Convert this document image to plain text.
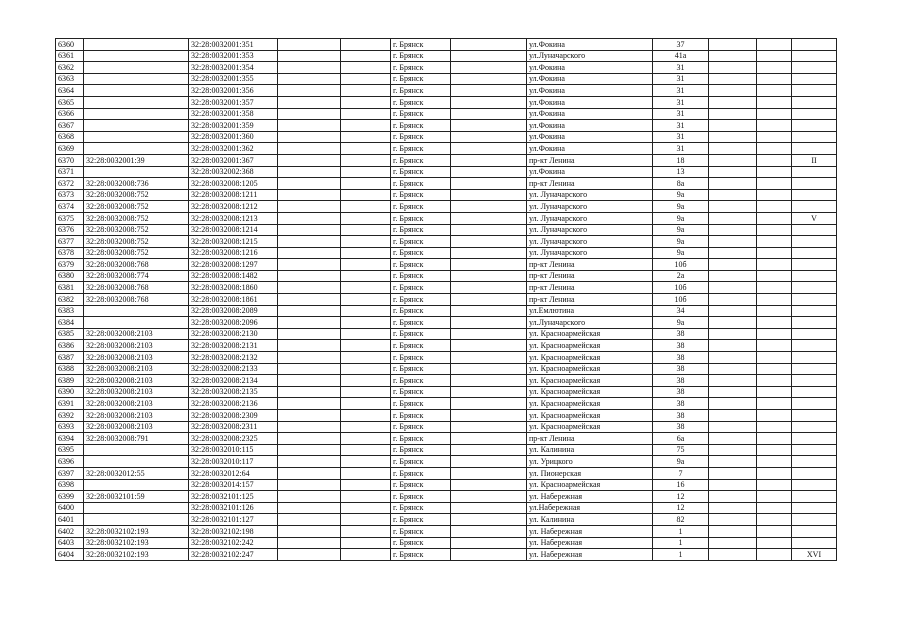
6360		32:28:0032001:351			г. Брянск		ул.Фокина	37			
6361		32:28:0032001:353			г. Брянск		ул.Луначарского	41а			
6362		32:28:0032001:354			г. Брянск		ул.Фокина	31			
6363		32:28:0032001:355			г. Брянск		ул.Фокина	31			
6364		32:28:0032001:356			г. Брянск		ул.Фокина	31			
6365		32:28:0032001:357			г. Брянск		ул.Фокина	31			
6366		32:28:0032001:358			г. Брянск		ул.Фокина	31			
6367		32:28:0032001:359			г. Брянск		ул.Фокина	31			
6368		32:28:0032001:360			г. Брянск		ул.Фокина	31			
6369		32:28:0032001:362			г. Брянск		ул.Фокина	31			
6370	32:28:0032001:39	32:28:0032001:367			г. Брянск		пр-кт Ленина	18			II
6371		32:28:0032002:368			г. Брянск		ул.Фокина	13			
6372	32:28:0032008:736	32:28:0032008:1205			г. Брянск		пр-кт Ленина	8а			
6373	32:28:0032008:752	32:28:0032008:1211			г. Брянск		ул. Луначарского	9а			
6374	32:28:0032008:752	32:28:0032008:1212			г. Брянск		ул. Луначарского	9а			
6375	32:28:0032008:752	32:28:0032008:1213			г. Брянск		ул. Луначарского	9а			V
6376	32:28:0032008:752	32:28:0032008:1214			г. Брянск		ул. Луначарского	9а			
6377	32:28:0032008:752	32:28:0032008:1215			г. Брянск		ул. Луначарского	9а			
6378	32:28:0032008:752	32:28:0032008:1216			г. Брянск		ул. Луначарского	9а			
6379	32:28:0032008:768	32:28:0032008:1297			г. Брянск		пр-кт Ленина	10б			
6380	32:28:0032008:774	32:28:0032008:1482			г. Брянск		пр-кт Ленина	2а			
6381	32:28:0032008:768	32:28:0032008:1860			г. Брянск		пр-кт Ленина	10б			
6382	32:28:0032008:768	32:28:0032008:1861			г. Брянск		пр-кт Ленина	10б			
6383		32:28:0032008:2089			г. Брянск		ул.Емлютина	34			
6384		32:28:0032008:2096			г. Брянск		ул.Луначарского	9а			
6385	32:28:0032008:2103	32:28:0032008:2130			г. Брянск		ул. Красноармейская	38			
6386	32:28:0032008:2103	32:28:0032008:2131			г. Брянск		ул. Красноармейская	38			
6387	32:28:0032008:2103	32:28:0032008:2132			г. Брянск		ул. Красноармейская	38			
6388	32:28:0032008:2103	32:28:0032008:2133			г. Брянск		ул. Красноармейская	38			
6389	32:28:0032008:2103	32:28:0032008:2134			г. Брянск		ул. Красноармейская	38			
6390	32:28:0032008:2103	32:28:0032008:2135			г. Брянск		ул. Красноармейская	38			
6391	32:28:0032008:2103	32:28:0032008:2136			г. Брянск		ул. Красноармейская	38			
6392	32:28:0032008:2103	32:28:0032008:2309			г. Брянск		ул. Красноармейская	38			
6393	32:28:0032008:2103	32:28:0032008:2311			г. Брянск		ул. Красноармейская	38			
6394	32:28:0032008:791	32:28:0032008:2325			г. Брянск		пр-кт Ленина	6а			
6395		32:28:0032010:115			г. Брянск		ул. Калинина	75			
6396		32:28:0032010:117			г. Брянск		ул. Урицкого	9а			
6397	32:28:0032012:55	32:28:0032012:64			г. Брянск		ул. Пионерская	7			
6398		32:28:0032014:157			г. Брянск		ул. Красноармейская	16			
6399	32:28:0032101:59	32:28:0032101:125			г. Брянск		ул. Набережная	12			
6400		32:28:0032101:126			г. Брянск		ул.Набережная	12			
6401		32:28:0032101:127			г. Брянск		ул. Калинина	82			
6402	32:28:0032102:193	32:28:0032102:198			г. Брянск		ул. Набережная	1			
6403	32:28:0032102:193	32:28:0032102:242			г. Брянск		ул. Набережная	1			
6404	32:28:0032102:193	32:28:0032102:247			г. Брянск		ул. Набережная	1			XVI
